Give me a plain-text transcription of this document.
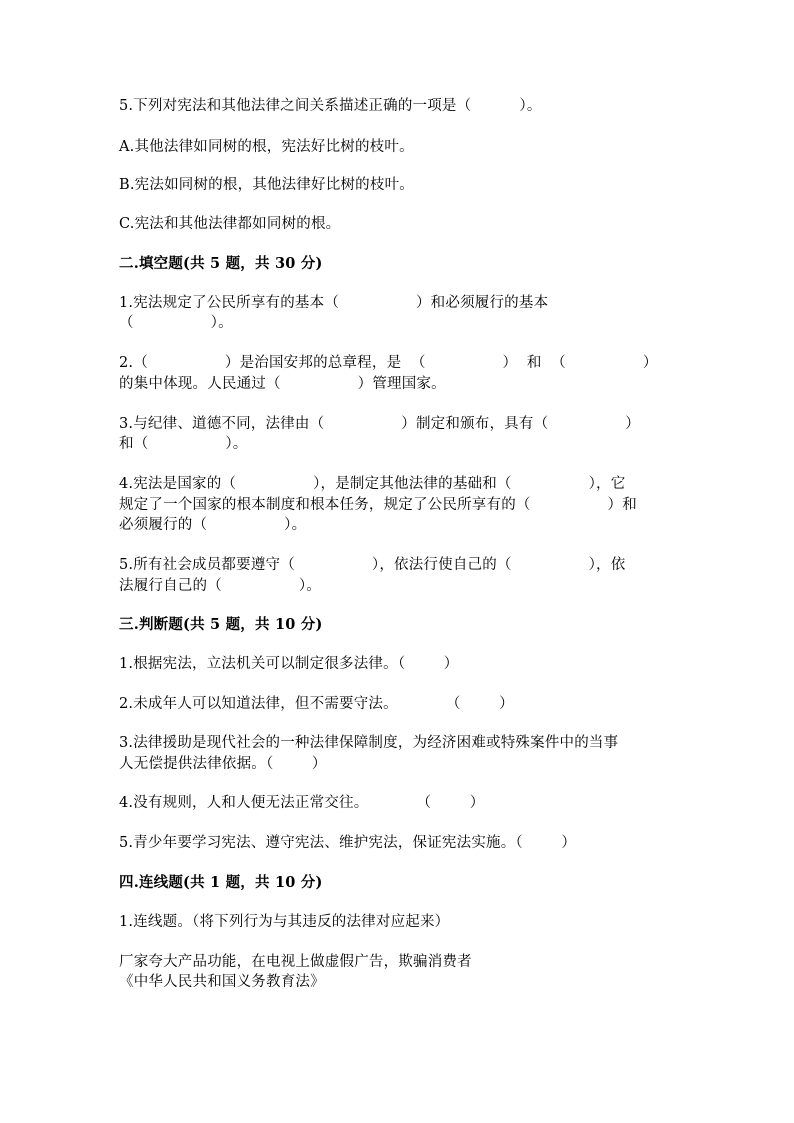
5.下列对宪法和其他法律之间关系描述正确的一项是（          ）。
A.其他法律如同树的根，宪法好比树的枝叶。
B.宪法如同树的根，其他法律好比树的枝叶。
C.宪法和其他法律都如同树的根。
二.填空题(共 5 题，共 30 分)
1.宪法规定了公民所享有的基本（                ）和必须履行的基本
（                ）。
2.（                ）是治国安邦的总章程，是  （                ）  和  （                ）
的集中体现。人民通过（                ）管理国家。
3.与纪律、道德不同，法律由（                ）制定和颁布，具有（                ）
和（                ）。
4.宪法是国家的（                ），是制定其他法律的基础和（                ），它
规定了一个国家的根本制度和根本任务，规定了公民所享有的（                ）和
必须履行的（                ）。
5.所有社会成员都要遵守（                ），依法行使自己的（                ），依
法履行自己的（                ）。
三.判断题(共 5 题，共 10 分)
1.根据宪法，立法机关可以制定很多法律。（        ）
2.未成年人可以知道法律，但不需要守法。          （        ）
3.法律援助是现代社会的一种法律保障制度，为经济困难或特殊案件中的当事
人无偿提供法律依据。（        ）
4.没有规则，人和人便无法正常交往。          （        ）
5.青少年要学习宪法、遵守宪法、维护宪法，保证宪法实施。（        ）
四.连线题(共 1 题，共 10 分)
1.连线题。（将下列行为与其违反的法律对应起来）
厂家夸大产品功能，在电视上做虚假广告，欺骗消费者
《中华人民共和国义务教育法》
